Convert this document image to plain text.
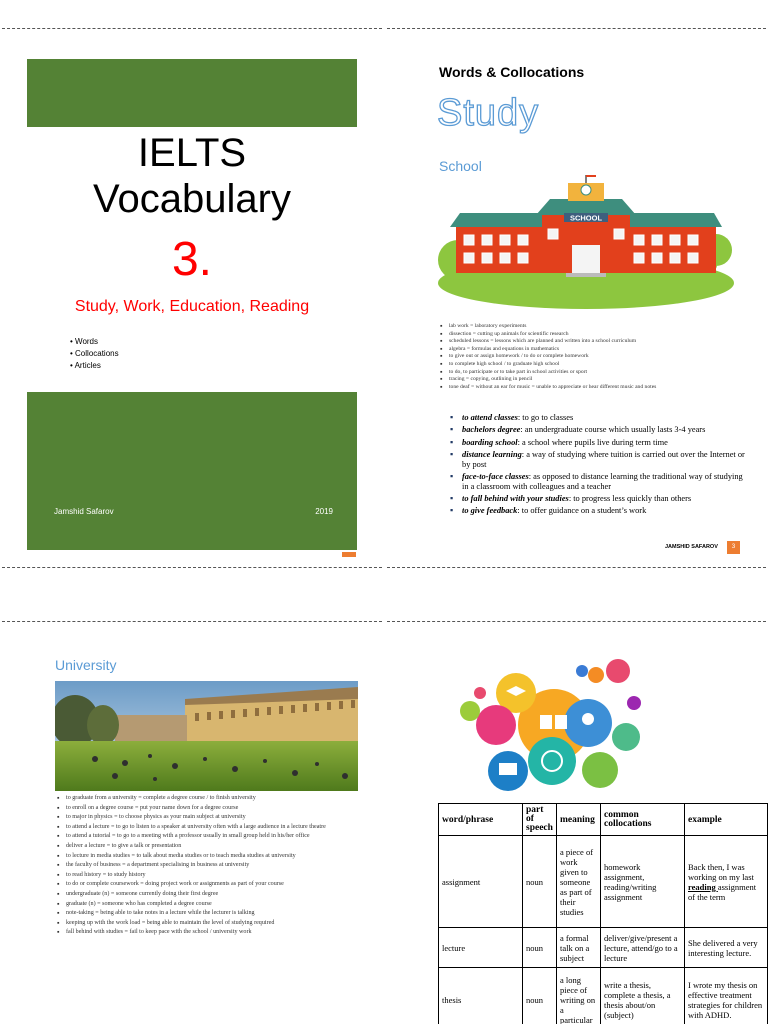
IELTS
Vocabulary
3.
Study, Work, Education, Reading
• Words
• Collocations
• Articles
Jamshid Safarov	2019
Words & Collocations
Study
School
SCHOOL
▪ lab work = laboratory experiments
▪ dissection = cutting up animals for scientific research
▪ scheduled lessons = lessons which are planned and written into a school curriculum
▪ algebra = formulas and equations in mathematics
▪ to give out or assign homework / to do or complete homework
▪ to complete high school / to graduate high school
▪ to do, to participate or to take part in school activities or sport
▪ tracing = copying, outlining in pencil
▪ tone deaf = without an ear for music = unable to appreciate or hear different music and notes
▪ to attend classes: to go to classes
▪ bachelors degree: an undergraduate course which usually lasts 3-4 years
▪ boarding school: a school where pupils live during term time
▪ distance learning: a way of studying where tuition is carried out over the Internet or by post
▪ face-to-face classes: as opposed to distance learning the traditional way of studying in a classroom with colleagues and a teacher
▪ to fall behind with your studies: to progress less quickly than others
▪ to give feedback: to offer guidance on a student’s work
JAMSHID SAFAROV	3
University
▪ to graduate from a university = complete a degree course / to finish university
▪ to enroll on a degree course = put your name down for a degree course
▪ to major in physics = to choose physics as your main subject at university
▪ to attend a lecture = to go to listen to a speaker at university often with a large audience in a lecture theatre
▪ to attend a tutorial = to go to a meeting with a professor usually in small group held in his/her office
▪ deliver a lecture = to give a talk or presentation
▪ to lecture in media studies = to talk about media studies or to teach media studies at university
▪ the faculty of business = a department specialising in business at university
▪ to read history = to study history
▪ to do or complete coursework = doing project work or assignments as part of your course
▪ undergraduate (n) = someone currently doing their first degree
▪ graduate (n) = someone who has completed a degree course
▪ note-taking = being able to take notes in a lecture while the lecturer is talking
▪ keeping up with the work load = being able to maintain the level of studying required
▪ fall behind with studies = fail to keep pace with the school / university work
word/phrase	part of speech	meaning	common collocations	example
assignment	noun	a piece of work given to someone as part of their studies	homework assignment, reading/writing assignment	Back then, I was working on my last reading assignment of the term
lecture	noun	a formal talk on a subject	deliver/give/present a lecture, attend/go to a lecture	She delivered a very interesting lecture.
thesis	noun	a long piece of writing on a particular	write a thesis, complete a thesis, a thesis about/on (subject)	I wrote my thesis on effective treatment strategies for children with ADHD.
